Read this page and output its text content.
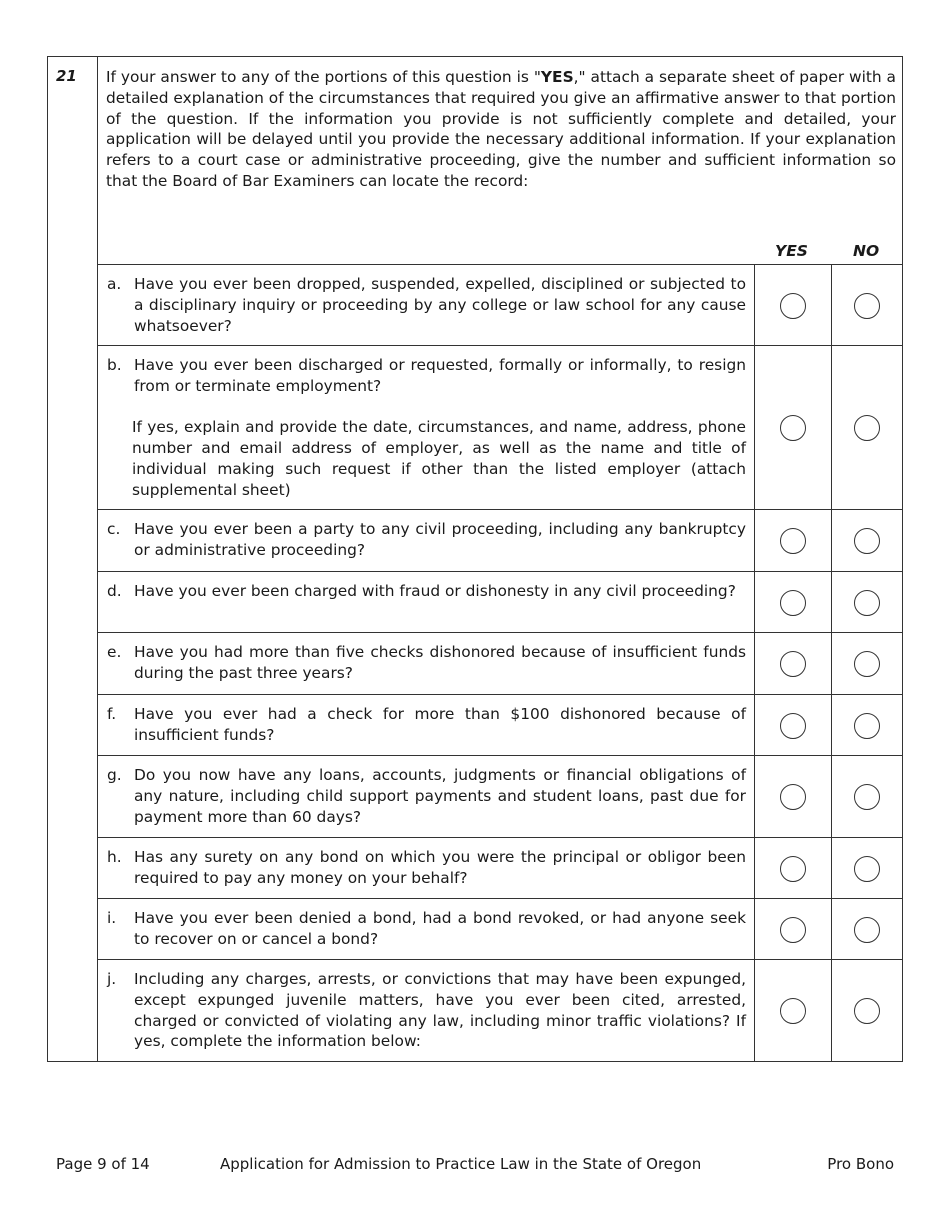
21 If your answer to any of the portions of this question is "YES," attach a separate sheet of paper with a detailed explanation of the circumstances that required you give an affirmative answer to that portion of the question. If the information you provide is not sufficiently complete and detailed, your application will be delayed until you provide the necessary additional information. If your explanation refers to a court case or administrative proceeding, give the number and sufficient information so that the Board of Bar Examiners can locate the record:
YES	NO
a. Have you ever been dropped, suspended, expelled, disciplined or subjected to a disciplinary inquiry or proceeding by any college or law school for any cause whatsoever?
b. Have you ever been discharged or requested, formally or informally, to resign from or terminate employment?
If yes, explain and provide the date, circumstances, and name, address, phone number and email address of employer, as well as the name and title of individual making such request if other than the listed employer (attach supplemental sheet)
c. Have you ever been a party to any civil proceeding, including any bankruptcy or administrative proceeding?
d. Have you ever been charged with fraud or dishonesty in any civil proceeding?
e. Have you had more than five checks dishonored because of insufficient funds during the past three years?
f. Have you ever had a check for more than $100 dishonored because of insufficient funds?
g. Do you now have any loans, accounts, judgments or financial obligations of any nature, including child support payments and student loans, past due for payment more than 60 days?
h. Has any surety on any bond on which you were the principal or obligor been required to pay any money on your behalf?
i. Have you ever been denied a bond, had a bond revoked, or had anyone seek to recover on or cancel a bond?
j. Including any charges, arrests, or convictions that may have been expunged, except expunged juvenile matters, have you ever been cited, arrested, charged or convicted of violating any law, including minor traffic violations? If yes, complete the information below:
Page 9 of 14	Application for Admission to Practice Law in the State of Oregon	Pro Bono
